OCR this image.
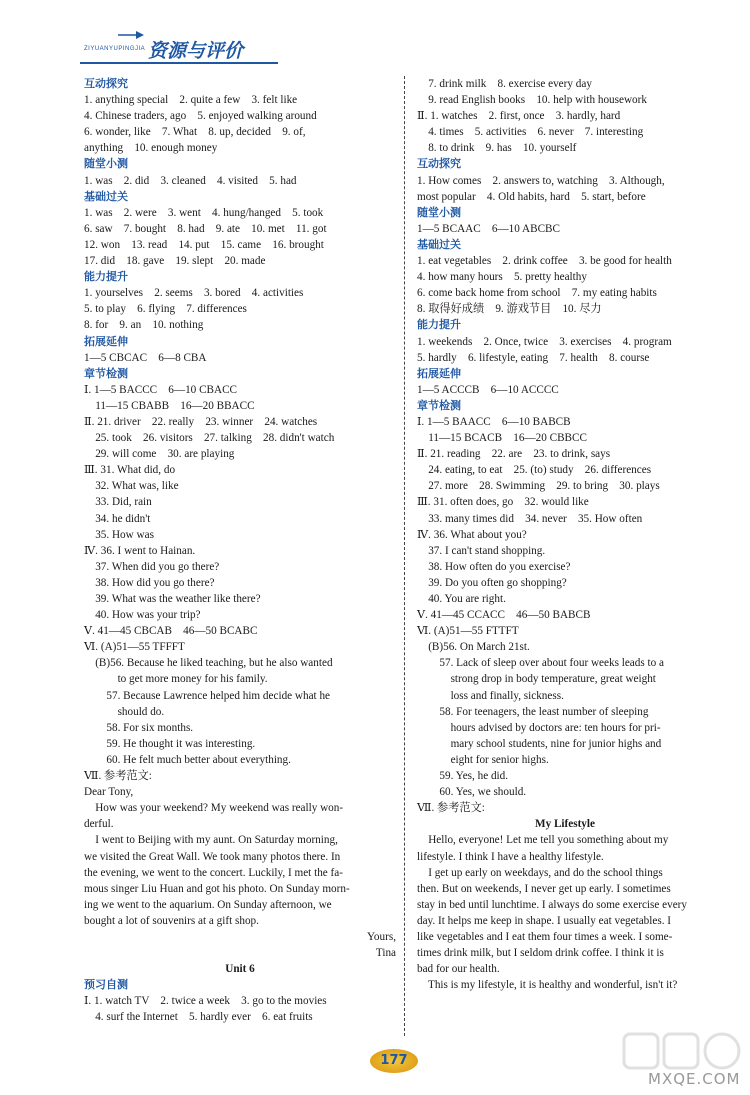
ZIYUANYUPINGJIA 资源与评价
互动探究
1. anything special    2. quite a few    3. felt like
4. Chinese traders, ago    5. enjoyed walking around
6. wonder, like    7. What    8. up, decided    9. of,
anything    10. enough money
随堂小测
1. was    2. did    3. cleaned    4. visited    5. had
基础过关
1. was    2. were    3. went    4. hung/hanged    5. took
6. saw    7. bought    8. had    9. ate    10. met    11. got
12. won    13. read    14. put    15. came    16. brought
17. did    18. gave    19. slept    20. made
能力提升
1. yourselves    2. seems    3. bored    4. activities
5. to play    6. flying    7. differences
8. for    9. an    10. nothing
拓展延伸
1—5 CBCAC    6—8 CBA
章节检测
Ⅰ. 1—5 BACCC    6—10 CBACC
11—15 CBABB    16—20 BBACC
Ⅱ. 21. driver    22. really    23. winner    24. watches
25. took    26. visitors    27. talking    28. didn't watch
29. will come    30. are playing
Ⅲ. 31. What did, do
32. What was, like
33. Did, rain
34. he didn't
35. How was
Ⅳ. 36. I went to Hainan.
37. When did you go there?
38. How did you go there?
39. What was the weather like there?
40. How was your trip?
Ⅴ. 41—45 CBCAB    46—50 BCABC
Ⅵ. (A)51—55 TFFFT
(B)56. Because he liked teaching, but he also wanted
to get more money for his family.
57. Because Lawrence helped him decide what he
should do.
58. For six months.
59. He thought it was interesting.
60. He felt much better about everything.
Ⅶ. 参考范文:
Dear Tony,
How was your weekend? My weekend was really won-
derful.
I went to Beijing with my aunt. On Saturday morning,
we visited the Great Wall. We took many photos there. In
the evening, we went to the concert. Luckily, I met the fa-
mous singer Liu Huan and got his photo. On Sunday morn-
ing we went to the aquarium. On Sunday afternoon, we
bought a lot of souvenirs at a gift shop.
Yours,
Tina
Unit 6
预习自测
Ⅰ. 1. watch TV    2. twice a week    3. go to the movies
4. surf the Internet    5. hardly ever    6. eat fruits
7. drink milk    8. exercise every day
9. read English books    10. help with housework
Ⅱ. 1. watches    2. first, once    3. hardly, hard
4. times    5. activities    6. never    7. interesting
8. to drink    9. has    10. yourself
互动探究
1. How comes    2. answers to, watching    3. Although,
most popular    4. Old habits, hard    5. start, before
随堂小测
1—5 BCAAC    6—10 ABCBC
基础过关
1. eat vegetables    2. drink coffee    3. be good for health
4. how many hours    5. pretty healthy
6. come back home from school    7. my eating habits
8. 取得好成绩    9. 游戏节目    10. 尽力
能力提升
1. weekends    2. Once, twice    3. exercises    4. program
5. hardly    6. lifestyle, eating    7. health    8. course
拓展延伸
1—5 ACCCB    6—10 ACCCC
章节检测
Ⅰ. 1—5 BAACC    6—10 BABCB
11—15 BCACB    16—20 CBBCC
Ⅱ. 21. reading    22. are    23. to drink, says
24. eating, to eat    25. (to) study    26. differences
27. more    28. Swimming    29. to bring    30. plays
Ⅲ. 31. often does, go    32. would like
33. many times did    34. never    35. How often
Ⅳ. 36. What about you?
37. I can't stand shopping.
38. How often do you exercise?
39. Do you often go shopping?
40. You are right.
Ⅴ. 41—45 CCACC    46—50 BABCB
Ⅵ. (A)51—55 FTTFT
(B)56. On March 21st.
57. Lack of sleep over about four weeks leads to a
strong drop in body temperature, great weight
loss and finally, sickness.
58. For teenagers, the least number of sleeping
hours advised by doctors are: ten hours for pri-
mary school students, nine for junior highs and
eight for senior highs.
59. Yes, he did.
60. Yes, we should.
Ⅶ. 参考范文:
My Lifestyle
Hello, everyone! Let me tell you something about my
lifestyle. I think I have a healthy lifestyle.
I get up early on weekdays, and do the school things
then. But on weekends, I never get up early. I sometimes
stay in bed until lunchtime. I always do some exercise every
day. It helps me keep in shape. I usually eat vegetables. I
like vegetables and I eat them four times a week. I some-
times drink milk, but I seldom drink coffee. I think it is
bad for our health.
This is my lifestyle, it is healthy and wonderful, isn't it?
177
MXQE.COM
